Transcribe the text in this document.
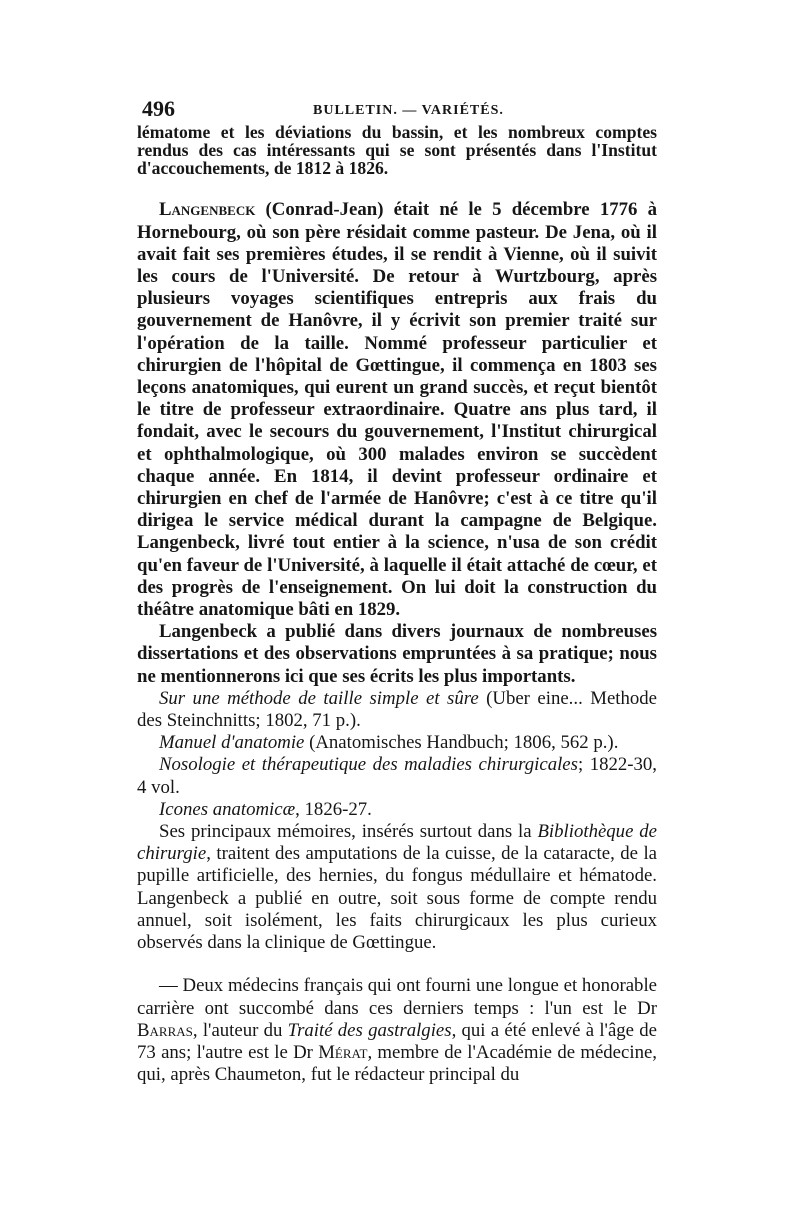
496	BULLETIN. — VARIÉTÉS.

lématome et les déviations du bassin, et les nombreux comptes rendus des cas intéressants qui se sont présentés dans l'Institut d'accouchements, de 1812 à 1826.

Langenbeck (Conrad-Jean) était né le 5 décembre 1776 à Hornebourg, où son père résidait comme pasteur. De Jena, où il avait fait ses premières études, il se rendit à Vienne, où il suivit les cours de l'Université. De retour à Wurtzbourg, après plusieurs voyages scientifiques entrepris aux frais du gouvernement de Hanôvre, il y écrivit son premier traité sur l'opération de la taille. Nommé professeur particulier et chirurgien de l'hôpital de Gœttingue, il commença en 1803 ses leçons anatomiques, qui eurent un grand succès, et reçut bientôt le titre de professeur extraordinaire. Quatre ans plus tard, il fondait, avec le secours du gouvernement, l'Institut chirurgical et ophthalmologique, où 300 malades environ se succèdent chaque année. En 1814, il devint professeur ordinaire et chirurgien en chef de l'armée de Hanôvre; c'est à ce titre qu'il dirigea le service médical durant la campagne de Belgique. Langenbeck, livré tout entier à la science, n'usa de son crédit qu'en faveur de l'Université, à laquelle il était attaché de cœur, et des progrès de l'enseignement. On lui doit la construction du théâtre anatomique bâti en 1829.

Langenbeck a publié dans divers journaux de nombreuses dissertations et des observations empruntées à sa pratique; nous ne mentionnerons ici que ses écrits les plus importants.

Sur une méthode de taille simple et sûre (Uber eine... Methode des Steinchnitts; 1802, 71 p.).

Manuel d'anatomie (Anatomisches Handbuch; 1806, 562 p.).

Nosologie et thérapeutique des maladies chirurgicales; 1822-30, 4 vol.

Icones anatomicæ, 1826-27.

Ses principaux mémoires, insérés surtout dans la Bibliothèque de chirurgie, traitent des amputations de la cuisse, de la cataracte, de la pupille artificielle, des hernies, du fongus médullaire et hématode. Langenbeck a publié en outre, soit sous forme de compte rendu annuel, soit isolément, les faits chirurgicaux les plus curieux observés dans la clinique de Gœttingue.

— Deux médecins français qui ont fourni une longue et honorable carrière ont succombé dans ces derniers temps : l'un est le Dr Barras, l'auteur du Traité des gastralgies, qui a été enlevé à l'âge de 73 ans; l'autre est le Dr Mérat, membre de l'Académie de médecine, qui, après Chaumeton, fut le rédacteur principal du
